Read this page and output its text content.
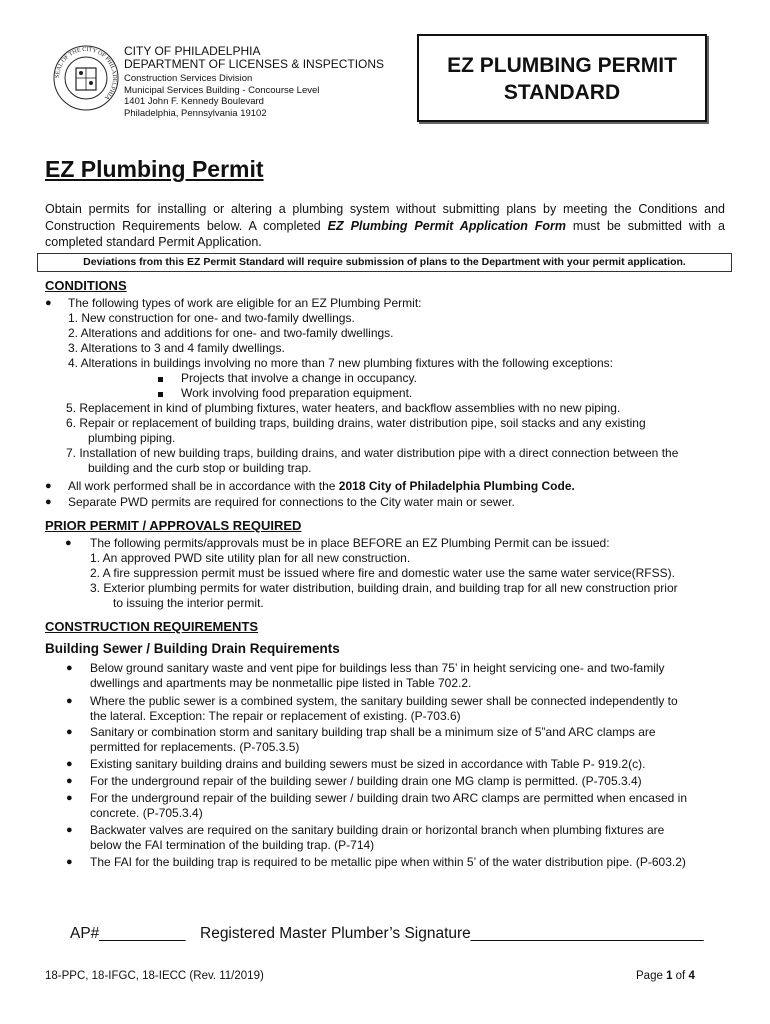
SEAL OF THE CITY OF PHILADELPHIA
CITY OF PHILADELPHIA
DEPARTMENT OF LICENSES & INSPECTIONS
Construction Services Division
Municipal Services Building - Concourse Level
1401 John F. Kennedy Boulevard
Philadelphia, Pennsylvania 19102
EZ PLUMBING PERMIT
STANDARD
EZ Plumbing Permit
Obtain permits for installing or altering a plumbing system without submitting plans by meeting the Conditions and Construction Requirements below. A completed EZ Plumbing Permit Application Form must be submitted with a completed standard Permit Application.
Deviations from this EZ Permit Standard will require submission of plans to the Department with your permit application.
CONDITIONS
● The following types of work are eligible for an EZ Plumbing Permit:
1. New construction for one- and two-family dwellings.
2. Alterations and additions for one- and two-family dwellings.
3. Alterations to 3 and 4 family dwellings.
4. Alterations in buildings involving no more than 7 new plumbing fixtures with the following exceptions:
Projects that involve a change in occupancy.
Work involving food preparation equipment.
5. Replacement in kind of plumbing fixtures, water heaters, and backflow assemblies with no new piping.
6. Repair or replacement of building traps, building drains, water distribution pipe, soil stacks and any existing
plumbing piping.
7. Installation of new building traps, building drains, and water distribution pipe with a direct connection between the
building and the curb stop or building trap.
● All work performed shall be in accordance with the 2018 City of Philadelphia Plumbing Code.
● Separate PWD permits are required for connections to the City water main or sewer.
PRIOR PERMIT / APPROVALS REQUIRED
● The following permits/approvals must be in place BEFORE an EZ Plumbing Permit can be issued:
1. An approved PWD site utility plan for all new construction.
2. A fire suppression permit must be issued where fire and domestic water use the same water service(RFSS).
3. Exterior plumbing permits for water distribution, building drain, and building trap for all new construction prior
to issuing the interior permit.
CONSTRUCTION REQUIREMENTS
Building Sewer / Building Drain Requirements
● Below ground sanitary waste and vent pipe for buildings less than 75’ in height servicing one- and two-family
dwellings and apartments may be nonmetallic pipe listed in Table 702.2.
● Where the public sewer is a combined system, the sanitary building sewer shall be connected independently to
the lateral. Exception: The repair or replacement of existing. (P-703.6)
● Sanitary or combination storm and sanitary building trap shall be a minimum size of 5”and ARC clamps are
permitted for replacements. (P-705.3.5)
● Existing sanitary building drains and building sewers must be sized in accordance with Table P- 919.2(c).
● For the underground repair of the building sewer / building drain one MG clamp is permitted. (P-705.3.4)
● For the underground repair of the building sewer / building drain two ARC clamps are permitted when encased in
concrete. (P-705.3.4)
● Backwater valves are required on the sanitary building drain or horizontal branch when plumbing fixtures are
below the FAI termination of the building trap. (P-714)
● The FAI for the building trap is required to be metallic pipe when within 5’ of the water distribution pipe. (P-603.2)
AP#__________ Registered Master Plumber’s Signature___________________________
18-PPC, 18-IFGC, 18-IECC (Rev. 11/2019)	Page 1 of 4
